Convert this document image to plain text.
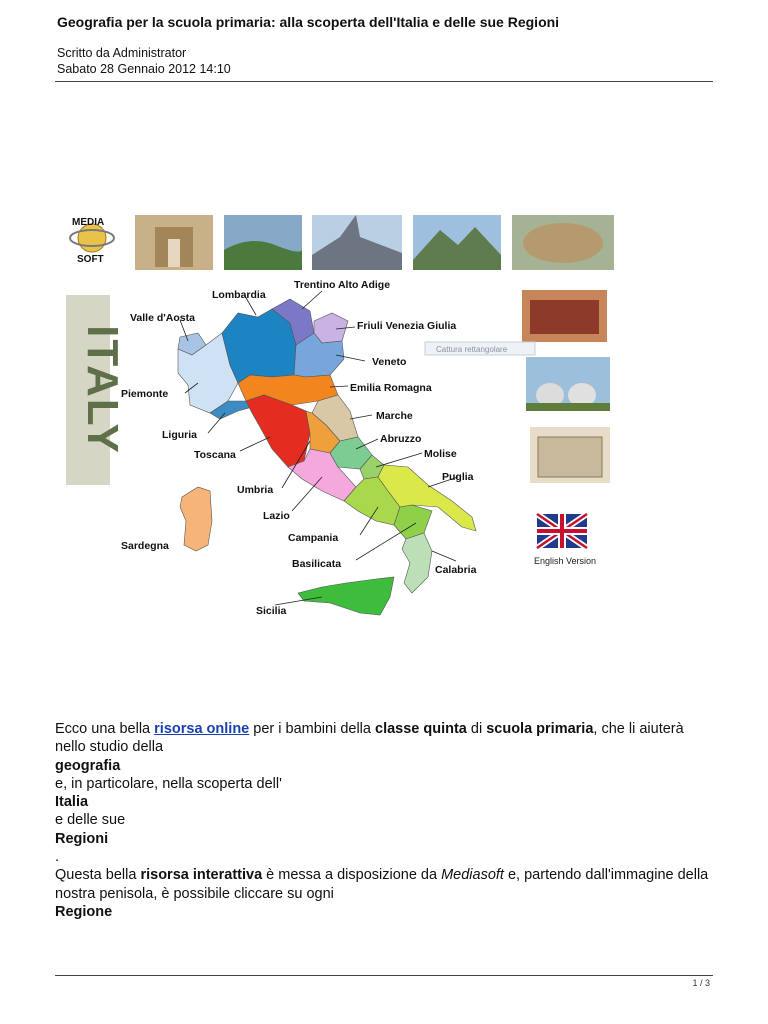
Geografia per la scuola primaria: alla scoperta dell'Italia e delle sue Regioni
Scritto da Administrator
Sabato 28 Gennaio 2012 14:10
MEDIA
SOFT
ITALY	Cattura rettangolare
English Version
Valle d'Aosta
Lombardia
Trentino Alto Adige
Friuli Venezia Giulia
Veneto
Piemonte	Emilia Romagna
Liguria
Marche
Toscana
Abruzzo
Molise
Puglia
Umbria
Lazio
Sardegna
Campania
Basilicata	Calabria
Sicilia

Ecco una bella risorsa online per i bambini della classe quinta di scuola primaria, che li aiuterà nello studio della

geografia

e, in particolare, nella scoperta dell'

Italia

e delle sue

Regioni

.

Questa bella risorsa interattiva è messa a disposizione da Mediasoft e, partendo dall'immagine della nostra penisola, è possibile cliccare su ogni

Regione

1 / 3
